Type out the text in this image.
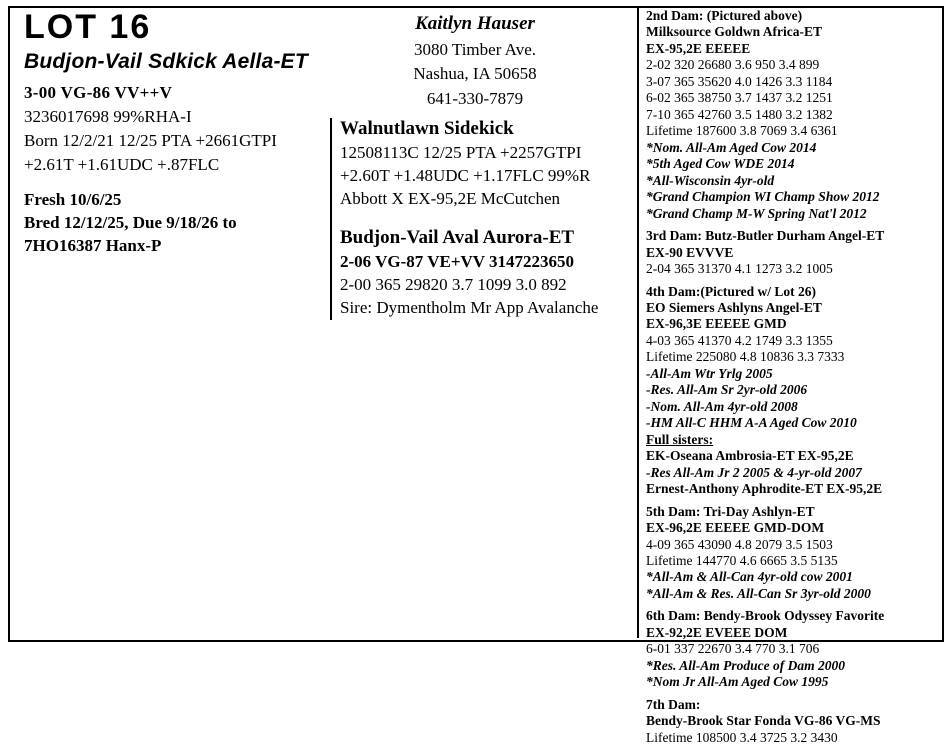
LOT 16
Budjon-Vail Sdkick Aella-ET
3-00 VG-86 VV++V
3236017698 99%RHA-I
Born 12/2/21 12/25 PTA +2661GTPI
+2.61T +1.61UDC +.87FLC
Fresh 10/6/25
Bred 12/12/25, Due 9/18/26 to
7HO16387 Hanx-P
Kaitlyn Hauser
3080 Timber Ave.
Nashua, IA 50658
641-330-7879
Walnutlawn Sidekick
12508113C 12/25 PTA +2257GTPI
+2.60T +1.48UDC +1.17FLC 99%R
Abbott X EX-95,2E McCutchen
Budjon-Vail Aval Aurora-ET
2-06 VG-87 VE+VV 3147223650
2-00 365 29820 3.7 1099 3.0 892
Sire: Dymentholm Mr App Avalanche
2nd Dam: (Pictured above)
Milksource Goldwn Africa-ET
EX-95,2E EEEEE
2-02 320 26680 3.6 950 3.4 899
3-07 365 35620 4.0 1426 3.3 1184
6-02 365 38750 3.7 1437 3.2 1251
7-10 365 42760 3.5 1480 3.2 1382
Lifetime 187600 3.8 7069 3.4 6361
*Nom. All-Am Aged Cow 2014
*5th Aged Cow WDE 2014
*All-Wisconsin 4yr-old
*Grand Champion WI Champ Show 2012
*Grand Champ M-W Spring Nat'l 2012
3rd Dam: Butz-Butler Durham Angel-ET
EX-90 EVVVE
2-04 365 31370 4.1 1273 3.2 1005
4th Dam:(Pictured w/ Lot 26)
EO Siemers Ashlyns Angel-ET
EX-96,3E EEEEE GMD
4-03 365 41370 4.2 1749 3.3 1355
Lifetime 225080 4.8 10836 3.3 7333
-All-Am Wtr Yrlg 2005
-Res. All-Am Sr 2yr-old 2006
-Nom. All-Am 4yr-old 2008
-HM All-C HHM A-A Aged Cow 2010
Full sisters:
EK-Oseana Ambrosia-ET EX-95,2E
-Res All-Am Jr 2 2005 & 4-yr-old 2007
Ernest-Anthony Aphrodite-ET EX-95,2E
5th Dam: Tri-Day Ashlyn-ET
EX-96,2E EEEEE GMD-DOM
4-09 365 43090 4.8 2079 3.5 1503
Lifetime 144770 4.6 6665 3.5 5135
*All-Am & All-Can 4yr-old cow 2001
*All-Am & Res. All-Can Sr 3yr-old 2000
6th Dam: Bendy-Brook Odyssey Favorite
EX-92,2E EVEEE DOM
6-01 337 22670 3.4 770 3.1 706
*Res. All-Am Produce of Dam 2000
*Nom Jr All-Am Aged Cow 1995
7th Dam:
Bendy-Brook Star Fonda VG-86 VG-MS
Lifetime 108500 3.4 3725 3.2 3430
